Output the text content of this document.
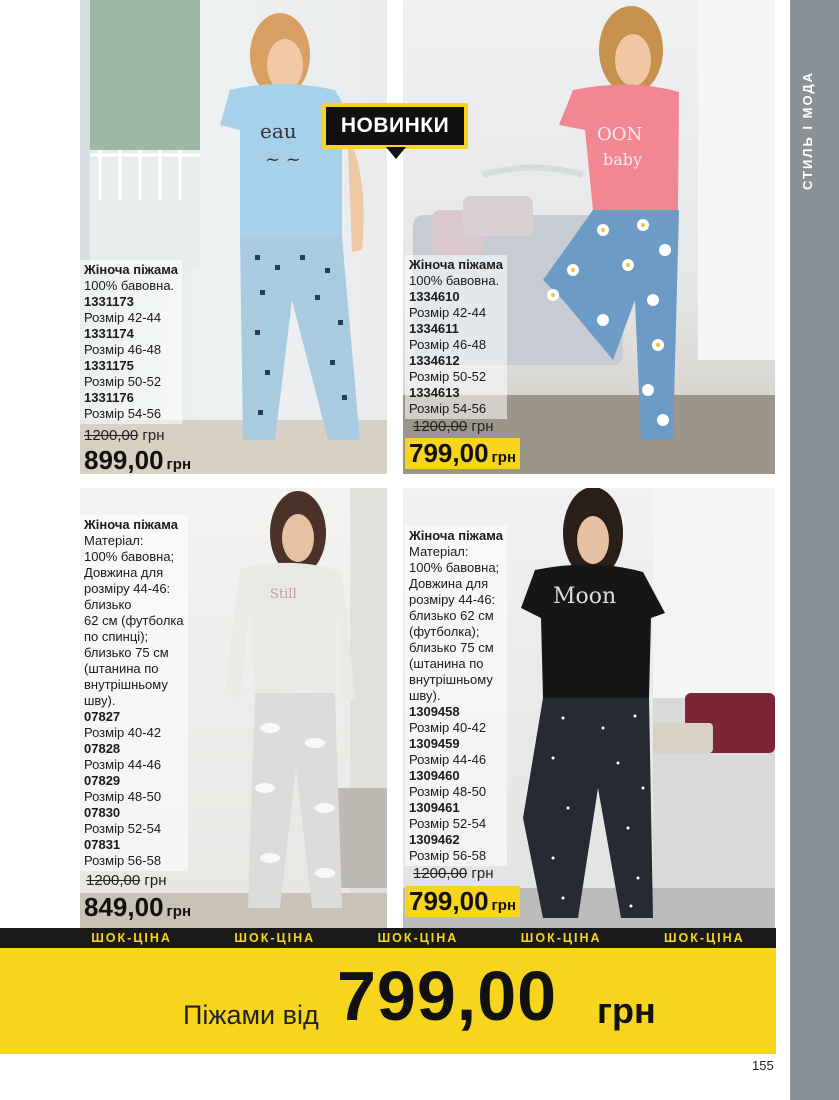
СТИЛЬ І МОДА
eau
~ ~
Жіноча піжама
100% бавовна.
1331173
Розмір 42-44
1331174
Розмір 46-48
1331175
Розмір 50-52
1331176
Розмір 54-56
1200,00 грн
899,00 грн
OON
baby
Жіноча піжама
100% бавовна.
1334610
Розмір 42-44
1334611
Розмір 46-48
1334612
Розмір 50-52
1334613
Розмір 54-56
1200,00 грн
799,00 грн
Still
Жіноча піжама
Матеріал:
100% бавовна;
Довжина для
розміру 44-46:
близько
62 см (футболка
по спинці);
близько 75 см
(штанина по
внутрішньому
шву).
07827
Розмір 40-42
07828
Розмір 44-46
07829
Розмір 48-50
07830
Розмір 52-54
07831
Розмір 56-58
1200,00 грн
849,00 грн
Moon
Жіноча піжама
Матеріал:
100% бавовна;
Довжина для
розміру 44-46:
близько 62 см
(футболка);
близько 75 см
(штанина по
внутрішньому
шву).
1309458
Розмір 40-42
1309459
Розмір 44-46
1309460
Розмір 48-50
1309461
Розмір 52-54
1309462
Розмір 56-58
1200,00 грн
799,00 грн
НОВИНКИ
ШОК-ЦІНА	ШОК-ЦІНА	ШОК-ЦІНА	ШОК-ЦІНА	ШОК-ЦІНА
Піжами від 799,00 грн
155
